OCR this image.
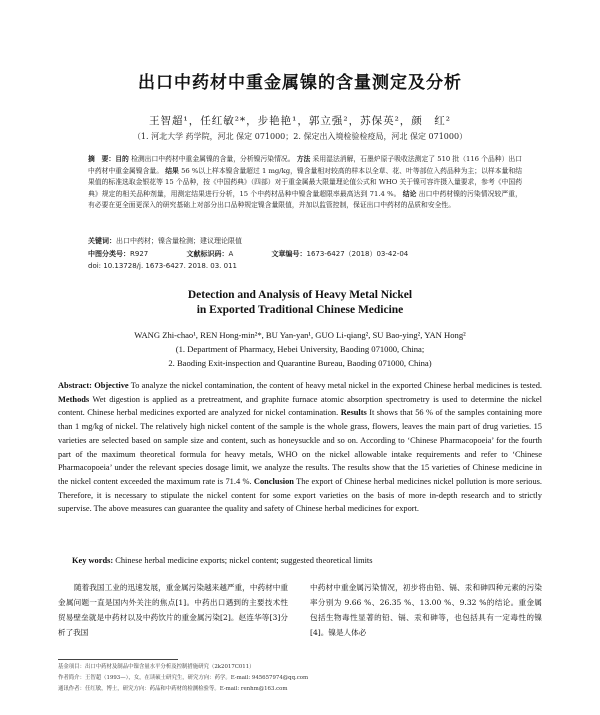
出口中药材中重金属镍的含量测定及分析
王智超¹，任红敏²*，步艳艳¹，郭立强²，苏保英²，颜　红²
（1. 河北大学 药学院，河北 保定 071000；2. 保定出入境检验检疫局，河北 保定 071000）
摘　要：目的 检测出口中药材中重金属镍的含量，分析镍污染情况。 方法 采用湿法消解，石墨炉原子吸收法测定了 510 批（116 个品种）出口中药材中重金属镍含量。 结果 56 %以上样本镍含量超过 1 mg/kg，镍含量相对较高的样本以全草、花、叶等部位入药品种为主；以样本量和结果值的标准选取金银花等 15 个品种，按《中国药典》（四部）对于重金属最大限量理论值公式和 WHO 关于镍可容许摄入量要求，参考《中国药典》规定的相关品种剂量，用测定结果进行分析，15 个中药材品种中镍含量超限率最高达到 71.4 %。 结论 出口中药材镍的污染情况较严重，有必要在更全面更深入的研究基础上对部分出口品种规定镍含量限值，并加以监管控制，保证出口中药材的品质和安全性。
关键词：出口中药材；镍含量检测；建议理论限值
中图分类号：R927	文献标识码：A	文章编号：1673-6427（2018）03-42-04
doi: 10.13728/j. 1673-6427. 2018. 03. 011
Detection and Analysis of Heavy Metal Nickel
in Exported Traditional Chinese Medicine
WANG Zhi-chao¹, REN Hong-min²*, BU Yan-yan¹, GUO Li-qiang², SU Bao-ying², YAN Hong²
(1. Department of Pharmacy, Hebei University, Baoding 071000, China;
2. Baoding Exit-inspection and Quarantine Bureau, Baoding 071000, China)
Abstract: Objective To analyze the nickel contamination, the content of heavy metal nickel in the exported Chinese herbal medicines is tested. Methods Wet digestion is applied as a pretreatment, and graphite furnace atomic absorption spectrometry is used to determine the nickel content. Chinese herbal medicines exported are analyzed for nickel contamination. Results It shows that 56 % of the samples containing more than 1 mg/kg of nickel. The relatively high nickel content of the sample is the whole grass, flowers, leaves the main part of drug varieties. 15 varieties are selected based on sample size and content, such as honeysuckle and so on. According to ‘Chinese Pharmacopoeia’ for the fourth part of the maximum theoretical formula for heavy metals, WHO on the nickel allowable intake requirements and refer to ‘Chinese Pharmacopoeia’ under the relevant species dosage limit, we analyze the results. The results show that the 15 varieties of Chinese medicine in the nickel content exceeded the maximum rate is 71.4 %. Conclusion The export of Chinese herbal medicines nickel pollution is more serious. Therefore, it is necessary to stipulate the nickel content for some export varieties on the basis of more in-depth research and to strictly supervise. The above measures can guarantee the quality and safety of Chinese herbal medicines for export.
Key words: Chinese herbal medicine exports; nickel content; suggested theoretical limits
随着我国工业的迅速发展，重金属污染越来越严重，中药材中重金属问题一直是国内外关注的焦点[1]。中药出口遇到的主要技术性贸易壁垒就是中药材以及中药饮片的重金属污染[2]。赵连华等[3]分析了我国
中药材中重金属污染情况，初步将由铅、镉、汞和砷四种元素的污染率分别为 9.66 %、26.35 %、13.00 %、9.32 %的结论。重金属包括生物毒性显著的铅、镉、汞和砷等，也包括具有一定毒性的镍[4]。镍是人体必
基金项目：出口中药材及制品中镍含量水平分析及控制措施研究（2k2017C011）
作者简介：王智超（1993—），女，在读硕士研究生，研究方向：药学。E-mail: 945657974@qq.com
通讯作者：任红敏，博士，研究方向：药品和中药材的检测检验等。E-mail: renhm@163.com
